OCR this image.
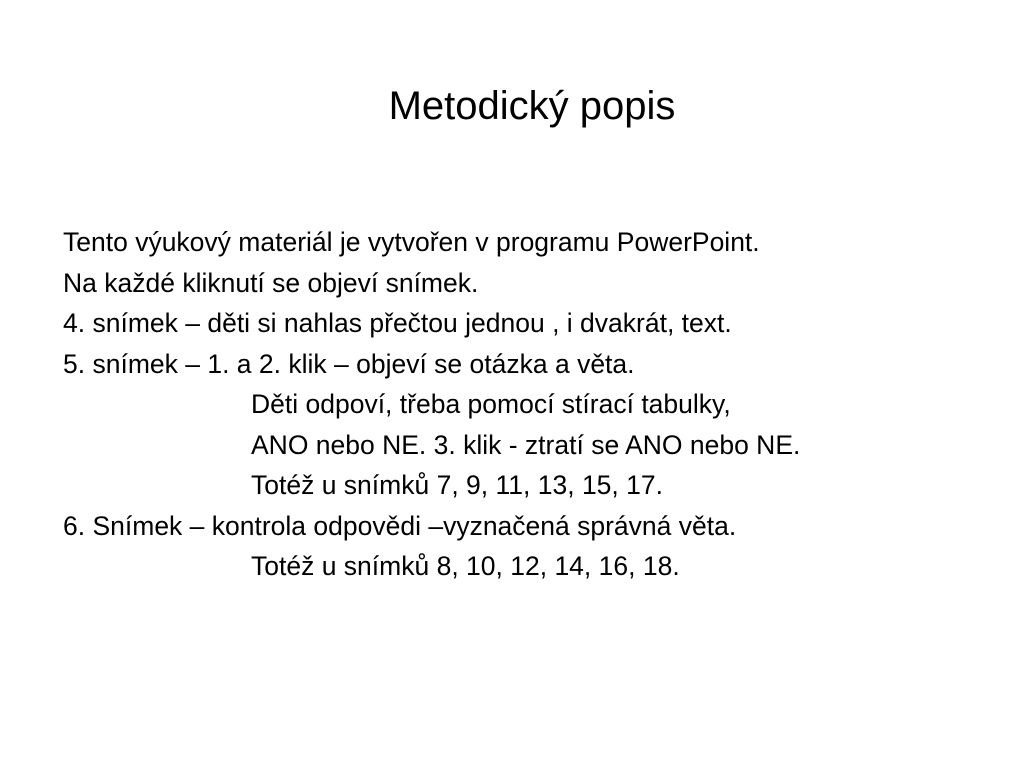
Metodický popis

Tento výukový materiál je vytvořen v programu PowerPoint.

Na každé kliknutí se objeví snímek.

4. snímek – děti si nahlas přečtou jednou , i dvakrát, text.

5. snímek – 1. a 2. klik – objeví se otázka a věta.

Děti odpoví, třeba pomocí stírací tabulky,

ANO nebo NE. 3. klik - ztratí se ANO nebo NE.

Totéž u snímků 7, 9, 11, 13, 15, 17.

6. Snímek – kontrola odpovědi –vyznačená správná věta.

Totéž u snímků 8, 10, 12, 14, 16, 18.
